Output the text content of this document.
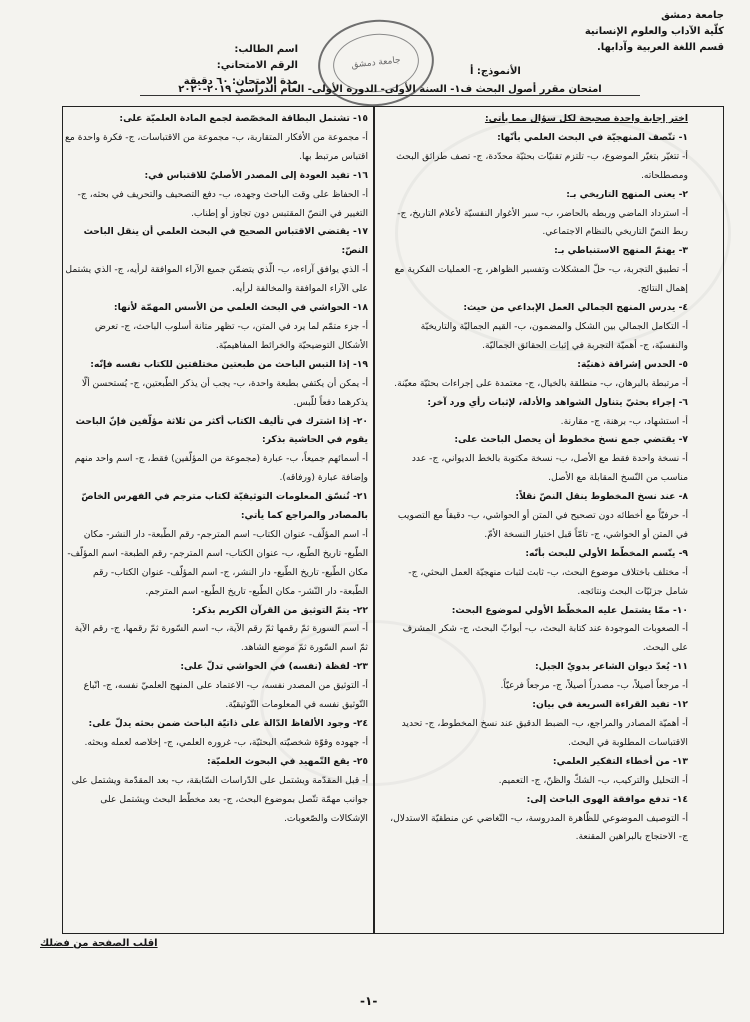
جامعة دمشق
كلّية الآداب والعلوم الإنسانية
قسم اللغة العربية وآدابها.
جامعة دمشق
اسم الطالب:
الرقم الامتحاني:
مدة الامتحان: ٦٠ دقيقة
الأنموذج: أ
امتحان مقرر أصول البحث ف١- السنة الأولى- الدورة الأولى- العام الدراسي ٢٠١٩-٢٠٢٠

اختر إجابة واحدة صحيحة لكل سؤال مما يأتي:

١- تتّصف المنهجيّة في البحث العلمي بأنّها:

أ- تتغيّر بتغيّر الموضوع، ب- تلتزم تقنيّات بحثيّة محدّدة، ج- تصف طرائق البحث ومصطلحاته.

٢- يعنى المنهج التاريخي بـ:

أ- استرداد الماضي وربطه بالحاضر، ب- سبر الأغوار النفسيّة لأعلام التاريخ، ج- ربط النصّ التاريخي بالنظام الاجتماعي.

٣- يهتمّ المنهج الاستنباطي بـ:

أ- تطبيق التجربة، ب- حلّ المشكلات وتفسير الظواهر، ج- العمليات الفكرية مع إهمال النتائج.

٤- يدرس المنهج الجمالي العمل الإبداعي من حيث:

أ- التكامل الجمالي بين الشكل والمضمون، ب- القيم الجماليّة والتاريخيّة والنفسيّة، ج- أهميّة التجربة في إثبات الحقائق الجماليّة.

٥- الحدس إشراقة ذهنيّة:

أ- مرتبطة بالبرهان، ب- منطلقة بالخيال، ج- معتمدة على إجراءات بحثيّة معيّنة.

٦- إجراء بحثيّ يتناول الشواهد والأدلة، لإثبات رأي ورد آخر:

أ- استشهاد، ب- برهنة، ج- مقارنة.

٧- يقتضي جمع نسخ مخطوط أن يحصل الباحث على:

أ- نسخة واحدة فقط مع الأصل، ب- نسخة مكتوبة بالخط الديواني، ج- عدد مناسب من النّسخ المقابلة مع الأصل.

٨- عند نسخ المخطوط ينقل النصّ نقلاً:

أ- حرفيّاً مع أخطائه دون تصحيح في المتن أو الحواشي، ب- دقيقاً مع التصويب في المتن أو الحواشي، ج- تامّاً قبل اختيار النسخة الأمّ.

٩- يتّسم المخطّط الأولي للبحث بأنّه:

أ- مختلف باختلاف موضوع البحث، ب- ثابت لثبات منهجيّة العمل البحثي، ج- شامل جزئيّات البحث ونتائجه.

١٠- ممّا يشتمل عليه المخطّط الأولي لموضوع البحث:

أ- الصعوبات الموجودة عند كتابة البحث، ب- أبوابّ البحث، ج- شكر المشرف على البحث.

١١- يُعدّ ديوان الشاعر بدويّ الجبل:

أ- مرجعاً أصيلاً، ب- مصدراً أصيلاً، ج- مرجعاً فرعيّاً.

١٢- تفيد القراءة السريعة في بيان:

أ- أهميّة المصادر والمراجع، ب- الضبط الدقيق عند نسخ المخطوط، ج- تحديد الاقتباسات المطلوبة في البحث.

١٣- من أخطاء التفكير العلمي:

أ- التحليل والتركيب، ب- الشكّ والظنّ، ج- التعميم.

١٤- تدفع موافقة الهوى الباحث إلى:

أ- التوصيف الموضوعي للظّاهرة المدروسة، ب- التّغاضي عن منطقيّة الاستدلال، ج- الاحتجاج بالبراهين المقنعة.

١٥- تشتمل البطاقة المخصّصة لجمع المادة العلميّة على:

أ- مجموعة من الأفكار المتقاربة، ب- مجموعة من الاقتباسات، ج- فكرة واحدة مع اقتباس مرتبط بها.

١٦- تفيد العودة إلى المصدر الأصليّ للاقتباس في:

أ- الحفاظ على وقت الباحث وجهده، ب- دفع التصحيف والتحريف في بحثه، ج- التغيير في النصّ المقتبس دون تجاوز أو إطناب.

١٧- يقتضي الاقتباس الصحيح في البحث العلمي أن ينقل الباحث النصّ:

أ- الذي يوافق آراءه، ب- الّذي يتضمّن جميع الآراء الموافقة لرأيه، ج- الذي يشتمل على الآراء الموافقة والمخالفة لرأيه.

١٨- الحواشي في البحث العلمي من الأسس المهمّة لأنها:

أ- جزء متمّم لما يرد في المتن، ب- تظهر متانة أسلوب الباحث، ج- تعرض الأشكال التوضيحيّة والخرائط المفاهيميّة.

١٩- إذا التبس الباحث من طبعتين مختلفتين للكتاب نفسه فإنّه:

أ- يمكن أن يكتفي بطبعة واحدة، ب- يجب أن يذكر الطّبعتين، ج- يُستحسن ألّا يذكرهما دفعاً للّبس.

٢٠- إذا اشترك في تأليف الكتاب أكثر من ثلاثة مؤلّفين فإنّ الباحث يقوم في الحاشية بذكر:

أ- أسمائهم جميعاً، ب- عبارة (مجموعة من المؤلّفين) فقط، ج- اسم واحد منهم وإضافة عبارة (ورفاقه).

٢١- تُنسّق المعلومات التوثيقيّة لكتاب مترجم في الفهرس الخاصّ بالمصادر والمراجع كما يأتي:

أ- اسم المؤلّف- عنوان الكتاب- اسم المترجم- رقم الطّبعة- دار النشر- مكان الطّبع- تاريخ الطّبع، ب- عنوان الكتاب- اسم المترجم- رقم الطبعة- اسم المؤلّف- مكان الطّبع- تاريخ الطّبع- دار النشر، ج- اسم المؤلّف- عنوان الكتاب- رقم الطّبعة- دار النّشر- مكان الطّبع- تاريخ الطّبع- اسم المترجم.

٢٢- يتمّ التوثيق من القرآن الكريم بذكر:

أ- اسم السورة ثمّ رقمها ثمّ رقم الآية، ب- اسم السّورة ثمّ رقمها، ج- رقم الآية ثمّ اسم السّورة ثمّ موضع الشاهد.

٢٣- لفظة (نفسه) في الحواشي تدلّ على:

أ- التوثيق من المصدر نفسه، ب- الاعتماد على المنهج العلميّ نفسه، ج- اتّباع التّوثيق نفسه في المعلومات التّوثيقيّة.

٢٤- وجود الألفاظ الدّالة على ذاتيّة الباحث ضمن بحثه يدلّ على:

أ- جهوده وقوّة شخصيّته البحثيّة، ب- غروره العلمي، ج- إخلاصه لعمله وبحثه.

٢٥- يقع التّمهيد في البحوث العلميّة:

أ- قبل المقدّمة ويشتمل على الدّراسات السّابقة، ب- بعد المقدّمة ويشتمل على جوانب مهمّة تتّصل بموضوع البحث، ج- بعد مخطّط البحث ويشتمل على الإشكالات والصّعوبات.

اقلب الصفحة من فضلك
-١-
